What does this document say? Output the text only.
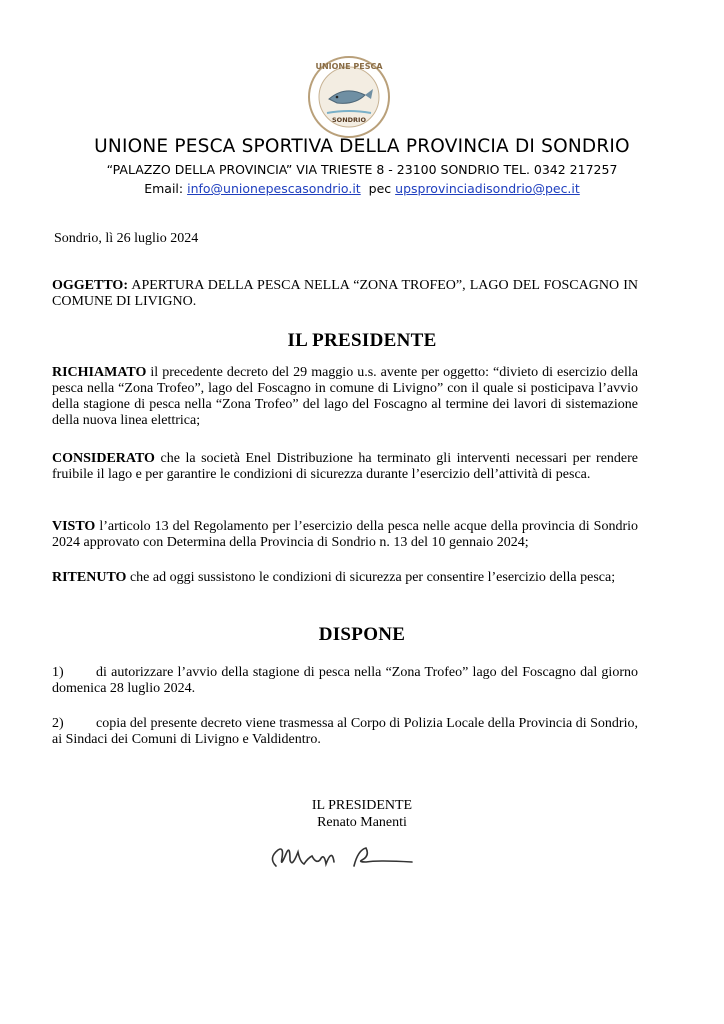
UNIONE PESCA
SONDRIO
UNIONE PESCA SPORTIVA DELLA PROVINCIA DI SONDRIO
“PALAZZO DELLA PROVINCIA” VIA TRIESTE 8 - 23100 SONDRIO TEL. 0342 217257
Email: info@unionepescasondrio.it pec upsprovinciadisondrio@pec.it
Sondrio, lì 26 luglio 2024
OGGETTO: APERTURA DELLA PESCA NELLA “ZONA TROFEO”, LAGO DEL FOSCAGNO IN COMUNE DI LIVIGNO.
IL PRESIDENTE
RICHIAMATO il precedente decreto del 29 maggio u.s. avente per oggetto: “divieto di esercizio della pesca nella “Zona Trofeo”, lago del Foscagno in comune di Livigno” con il quale si posticipava l’avvio della stagione di pesca nella “Zona Trofeo” del lago del Foscagno al termine dei lavori di sistemazione della nuova linea elettrica;
CONSIDERATO che la società Enel Distribuzione ha terminato gli interventi necessari per rendere fruibile il lago e per garantire le condizioni di sicurezza durante l’esercizio dell’attività di pesca.
VISTO l’articolo 13 del Regolamento per l’esercizio della pesca nelle acque della provincia di Sondrio 2024 approvato con Determina della Provincia di Sondrio n. 13 del 10 gennaio 2024;
RITENUTO che ad oggi sussistono le condizioni di sicurezza per consentire l’esercizio della pesca;
DISPONE
1) di autorizzare l’avvio della stagione di pesca nella “Zona Trofeo” lago del Foscagno dal giorno domenica 28 luglio 2024.
2) copia del presente decreto viene trasmessa al Corpo di Polizia Locale della Provincia di Sondrio, ai Sindaci dei Comuni di Livigno e Valdidentro.
IL PRESIDENTE
Renato Manenti
